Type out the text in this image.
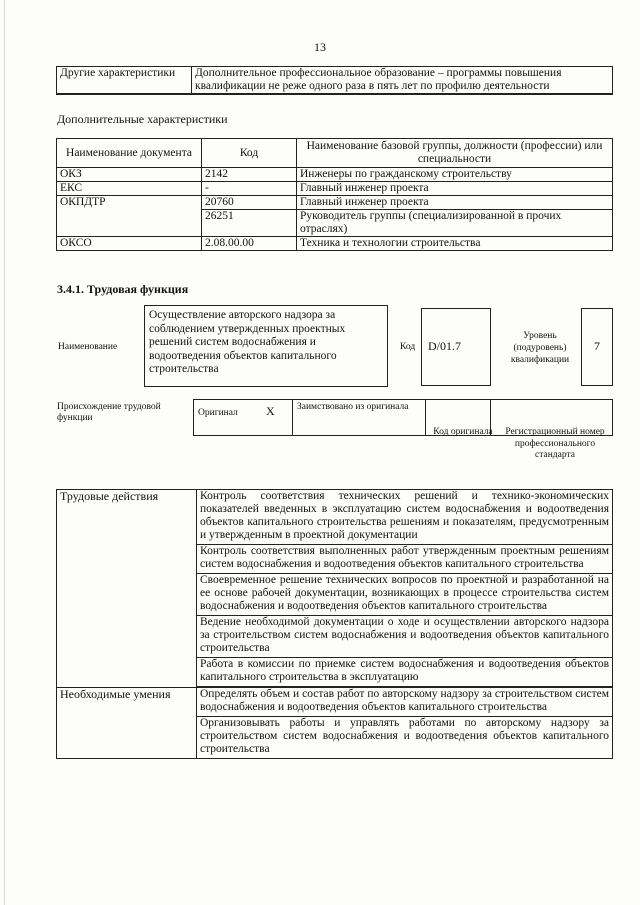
13
Другие характеристики	Дополнительное профессиональное образование – программы повышения квалификации не реже одного раза в пять лет по профилю деятельности
Дополнительные характеристики
Наименование документа	Код	Наименование базовой группы, должности (профессии) или специальности
ОКЗ	2142	Инженеры по гражданскому строительству
ЕКС	-	Главный инженер проекта
ОКПДТР	20760	Главный инженер проекта
	26251	Руководитель группы (специализированной в прочих отраслях)
ОКСО	2.08.00.00	Техника и технологии строительства
3.4.1. Трудовая функция
Наименование
Осуществление авторского надзора за соблюдением утвержденных проектных решений систем водоснабжения и водоотведения объектов капитального строительства
Код	D/01.7
Уровень (подуровень) квалификации
7
Происхождение трудовой функции	Оригинал	X	Заимствовано из оригинала		
Код оригинала	Регистрационный номер профессионального стандарта
Трудовые действия	Контроль соответствия технических решений и технико-экономических показателей введенных в эксплуатацию систем водоснабжения и водоотведения объектов капитального строительства решениям и показателям, предусмотренным и утвержденным в проектной документации
	Контроль соответствия выполненных работ утвержденным проектным решениям систем водоснабжения и водоотведения объектов капитального строительства
	Своевременное решение технических вопросов по проектной и разработанной на ее основе рабочей документации, возникающих в процессе строительства систем водоснабжения и водоотведения объектов капитального строительства
	Ведение необходимой документации о ходе и осуществлении авторского надзора за строительством систем водоснабжения и водоотведения объектов капитального строительства
	Работа в комиссии по приемке систем водоснабжения и водоотведения объектов капитального строительства в эксплуатацию
Необходимые умения	Определять объем и состав работ по авторскому надзору за строительством систем водоснабжения и водоотведения объектов капитального строительства
	Организовывать работы и управлять работами по авторскому надзору за строительством систем водоснабжения и водоотведения объектов капитального строительства
